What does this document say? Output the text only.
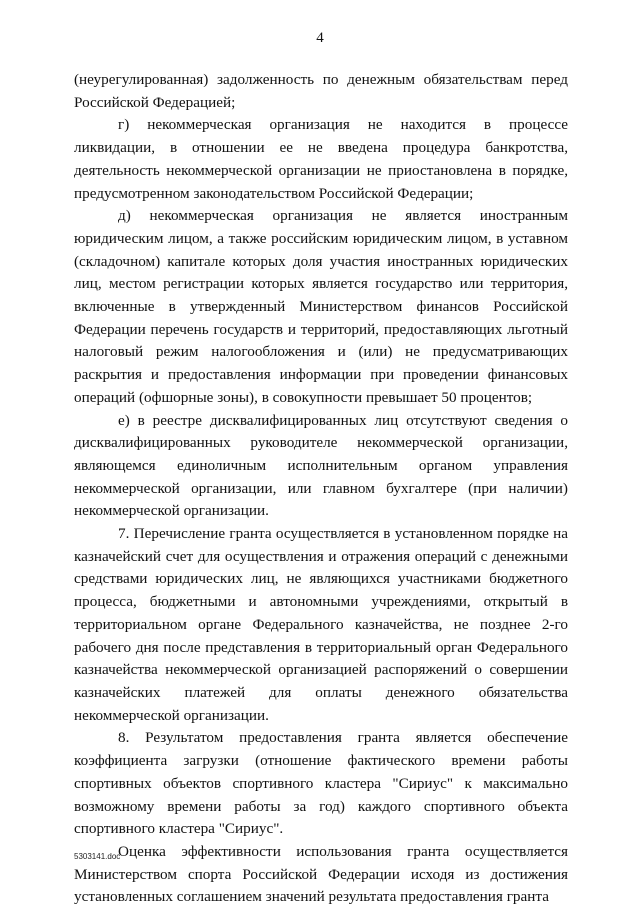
4

(неурегулированная) задолженность по денежным обязательствам перед Российской Федерацией;

г) некоммерческая организация не находится в процессе ликвидации, в отношении ее не введена процедура банкротства, деятельность некоммерческой организации не приостановлена в порядке, предусмотренном законодательством Российской Федерации;

д) некоммерческая организация не является иностранным юридическим лицом, а также российским юридическим лицом, в уставном (складочном) капитале которых доля участия иностранных юридических лиц, местом регистрации которых является государство или территория, включенные в утвержденный Министерством финансов Российской Федерации перечень государств и территорий, предоставляющих льготный налоговый режим налогообложения и (или) не предусматривающих раскрытия и предоставления информации при проведении финансовых операций (офшорные зоны), в совокупности превышает 50 процентов;

е) в реестре дисквалифицированных лиц отсутствуют сведения о дисквалифицированных руководителе некоммерческой организации, являющемся единоличным исполнительным органом управления некоммерческой организации, или главном бухгалтере (при наличии) некоммерческой организации.

7. Перечисление гранта осуществляется в установленном порядке на казначейский счет для осуществления и отражения операций с денежными средствами юридических лиц, не являющихся участниками бюджетного процесса, бюджетными и автономными учреждениями, открытый в территориальном органе Федерального казначейства, не позднее 2-го рабочего дня после представления в территориальный орган Федерального казначейства некоммерческой организацией распоряжений о совершении казначейских платежей для оплаты денежного обязательства некоммерческой организации.

8. Результатом предоставления гранта является обеспечение коэффициента загрузки (отношение фактического времени работы спортивных объектов спортивного кластера "Сириус" к максимально возможному времени работы за год) каждого спортивного объекта спортивного кластера "Сириус".

Оценка эффективности использования гранта осуществляется Министерством спорта Российской Федерации исходя из достижения установленных соглашением значений результата предоставления гранта

5303141.doc
